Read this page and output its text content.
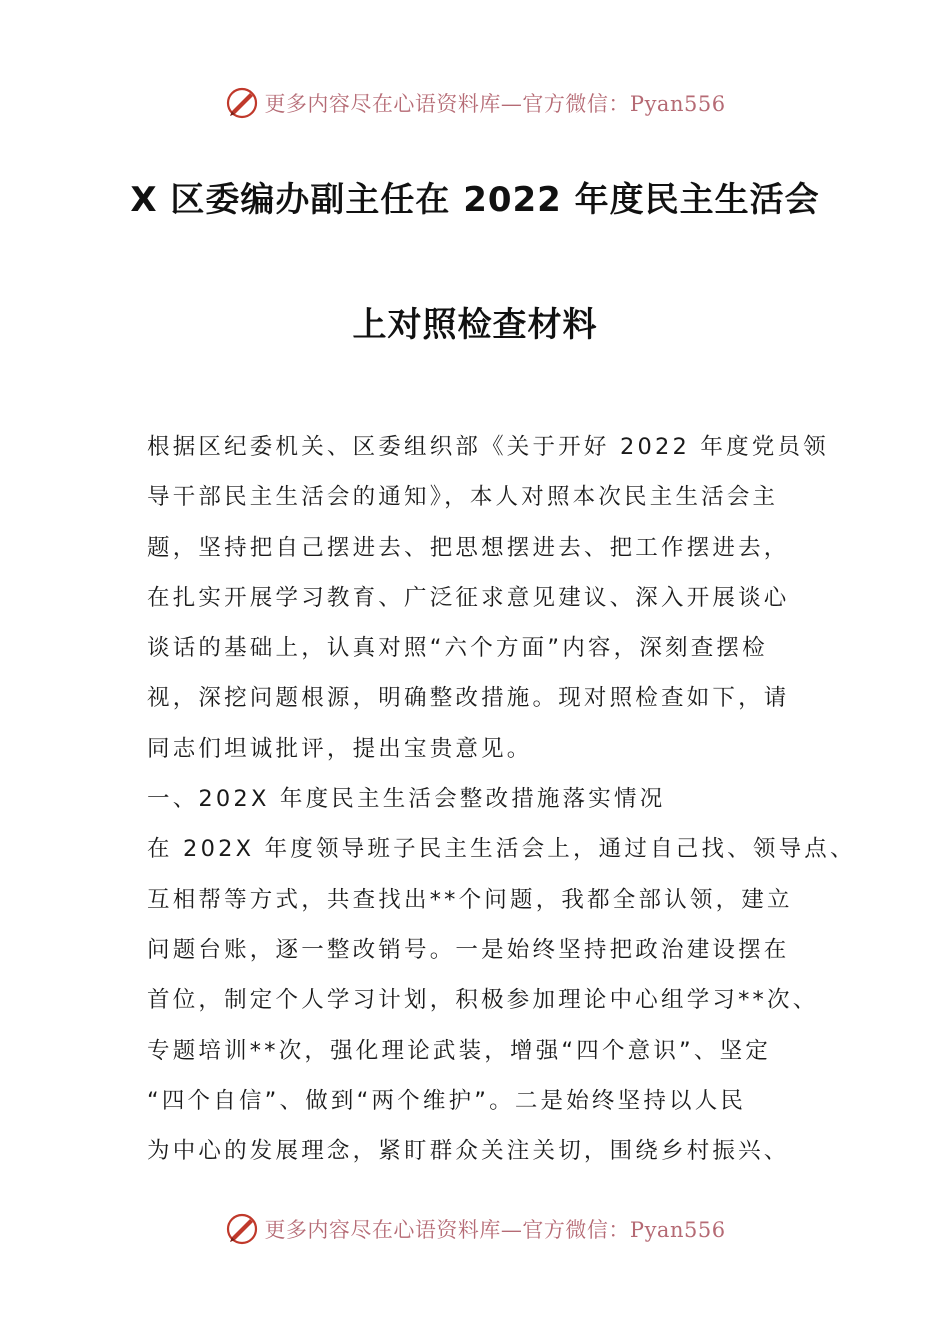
更多内容尽在心语资料库—官方微信：Pyan556
X 区委编办副主任在 2022 年度民主生活会
上对照检查材料
根据区纪委机关、区委组织部《关于开好 2022 年度党员领
导干部民主生活会的通知》，本人对照本次民主生活会主
题，坚持把自己摆进去、把思想摆进去、把工作摆进去，
在扎实开展学习教育、广泛征求意见建议、深入开展谈心
谈话的基础上，认真对照“六个方面”内容，深刻查摆检
视，深挖问题根源，明确整改措施。现对照检查如下，请
同志们坦诚批评，提出宝贵意见。
一、202X 年度民主生活会整改措施落实情况
在 202X 年度领导班子民主生活会上，通过自己找、领导点、
互相帮等方式，共查找出**个问题，我都全部认领，建立
问题台账，逐一整改销号。一是始终坚持把政治建设摆在
首位，制定个人学习计划，积极参加理论中心组学习**次、
专题培训**次，强化理论武装，增强“四个意识”、坚定
“四个自信”、做到“两个维护”。二是始终坚持以人民
为中心的发展理念，紧盯群众关注关切，围绕乡村振兴、
更多内容尽在心语资料库—官方微信：Pyan556
